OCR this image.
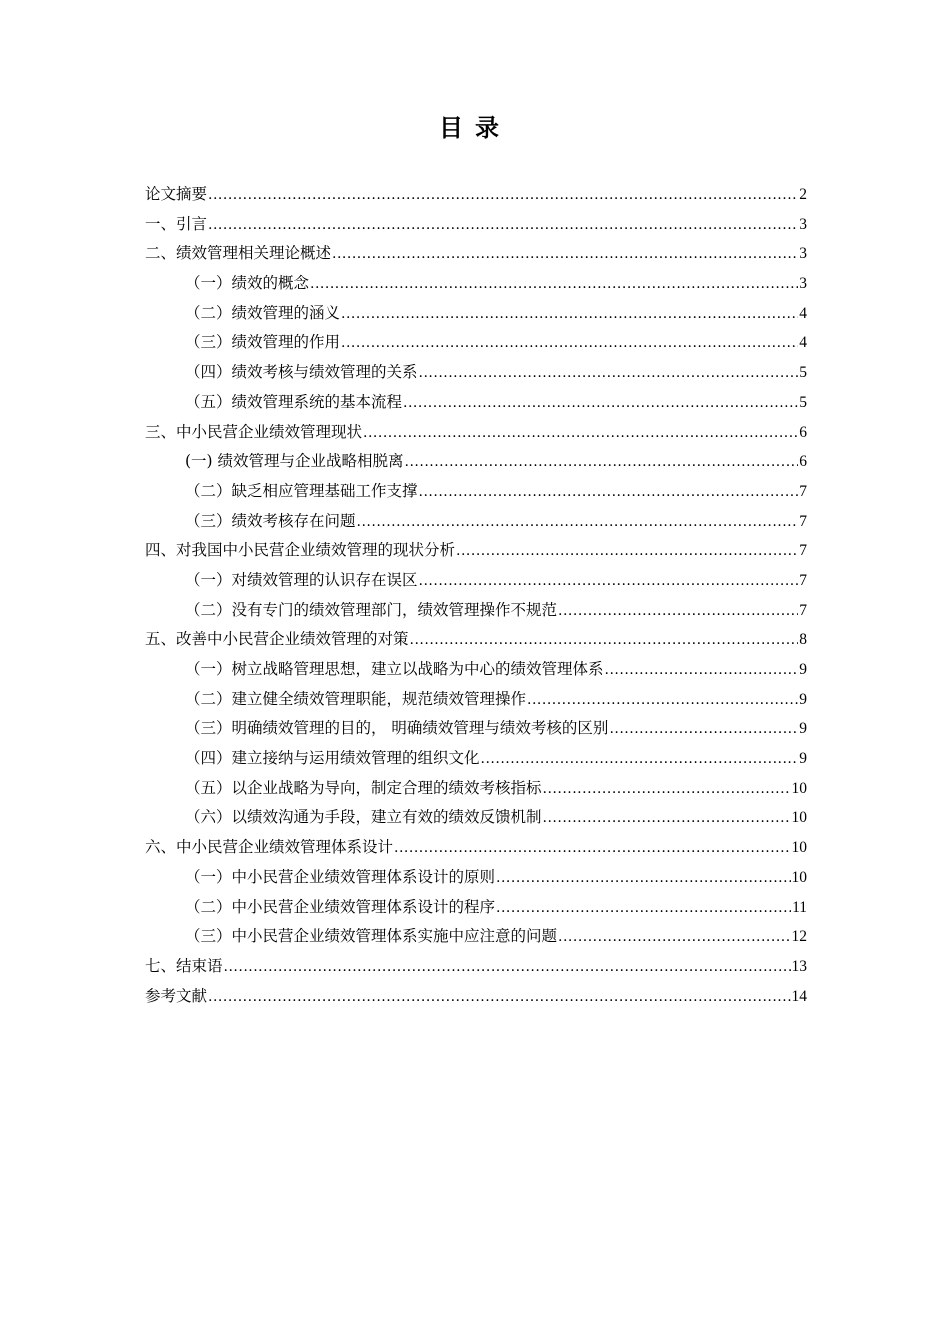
目录
论文摘要 .....	2
一、引言 .....	3
二、绩效管理相关理论概述 .....	3
（一）绩效的概念 .....	3
（二）绩效管理的涵义 .....	4
（三）绩效管理的作用 .....	4
（四）绩效考核与绩效管理的关系 .....	5
（五）绩效管理系统的基本流程 .....	5
三、中小民营企业绩效管理现状 .....	6
(一) 绩效管理与企业战略相脱离 .....	6
（二）缺乏相应管理基础工作支撑 .....	7
（三）绩效考核存在问题 .....	7
四、对我国中小民营企业绩效管理的现状分析 .....	7
（一）对绩效管理的认识存在误区 .....	7
（二）没有专门的绩效管理部门，绩效管理操作不规范 .....	7
五、改善中小民营企业绩效管理的对策 .....	8
（一）树立战略管理思想，建立以战略为中心的绩效管理体系 .....	9
（二）建立健全绩效管理职能，规范绩效管理操作 .....	9
（三）明确绩效管理的目的， 明确绩效管理与绩效考核的区别 .....	9
（四）建立接纳与运用绩效管理的组织文化 .....	9
（五）以企业战略为导向，制定合理的绩效考核指标 .....	10
（六）以绩效沟通为手段，建立有效的绩效反馈机制 .....	10
六、中小民营企业绩效管理体系设计 .....	10
（一）中小民营企业绩效管理体系设计的原则 .....	10
（二）中小民营企业绩效管理体系设计的程序 .....	11
（三）中小民营企业绩效管理体系实施中应注意的问题 .....	12
七、结束语 .....	13
参考文献 .....	14
